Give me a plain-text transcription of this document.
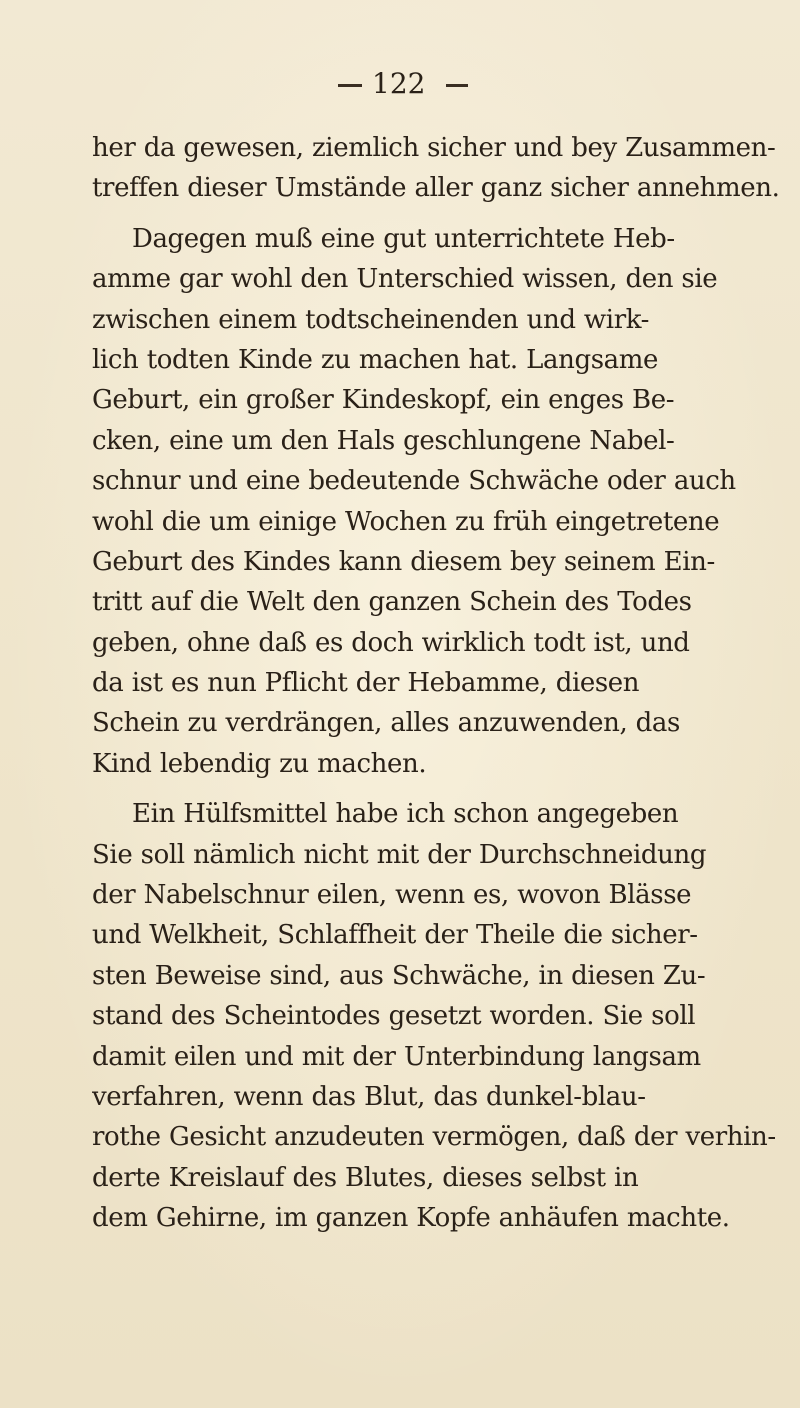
122
her da gewesen, ziemlich sicher und bey Zusammen-
treffen dieser Umstände aller ganz sicher annehmen.
Dagegen muß eine gut unterrichtete Heb-
amme gar wohl den Unterschied wissen, den sie
zwischen einem todtscheinenden und wirk-
lich todten Kinde zu machen hat. Langsame
Geburt, ein großer Kindeskopf, ein enges Be-
cken, eine um den Hals geschlungene Nabel-
schnur und eine bedeutende Schwäche oder auch
wohl die um einige Wochen zu früh eingetretene
Geburt des Kindes kann diesem bey seinem Ein-
tritt auf die Welt den ganzen Schein des Todes
geben, ohne daß es doch wirklich todt ist, und
da ist es nun Pflicht der Hebamme, diesen
Schein zu verdrängen, alles anzuwenden, das
Kind lebendig zu machen.
Ein Hülfsmittel habe ich schon angegeben
Sie soll nämlich nicht mit der Durchschneidung
der Nabelschnur eilen, wenn es, wovon Blässe
und Welkheit, Schlaffheit der Theile die sicher-
sten Beweise sind, aus Schwäche, in diesen Zu-
stand des Scheintodes gesetzt worden. Sie soll
damit eilen und mit der Unterbindung langsam
verfahren, wenn das Blut, das dunkel-blau-
rothe Gesicht anzudeuten vermögen, daß der verhin-
derte Kreislauf des Blutes, dieses selbst in
dem Gehirne, im ganzen Kopfe anhäufen machte.
